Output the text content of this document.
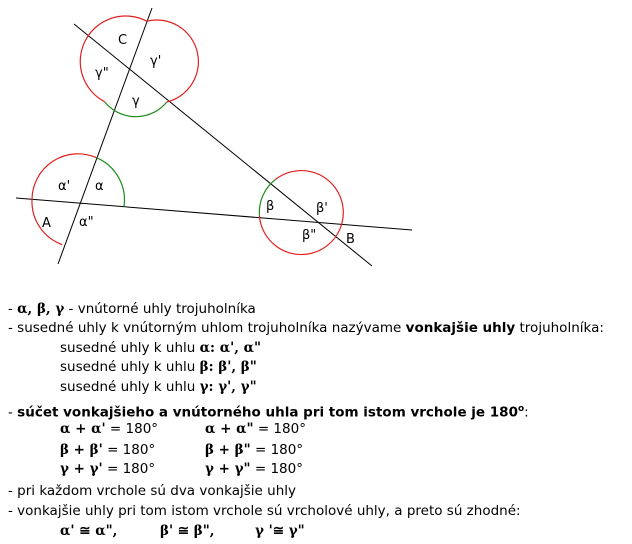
C
A
B
γ'
γ"
γ
α' α
α"
β	β'
β"
- α, β, γ - vnútorné uhly trojuholníka
- susedné uhly k vnútorným uhlom trojuholníka nazývame vonkajšie uhly trojuholníka:
susedné uhly k uhlu α: α', α"
susedné uhly k uhlu β: β', β"
susedné uhly k uhlu γ: γ', γ"
- súčet vonkajšieho a vnútorného uhla pri tom istom vrchole je 180$^o$:
α + α' = 180°	α + α" = 180°
β + β' = 180°	β + β" = 180°
γ + γ' = 180°	γ + γ" = 180°
- pri každom vrchole sú dva vonkajšie uhly
- vonkajšie uhly pri tom istom vrchole sú vrcholové uhly, a preto sú zhodné:
α' ≅ α",	β' ≅ β",	γ '≅ γ"
